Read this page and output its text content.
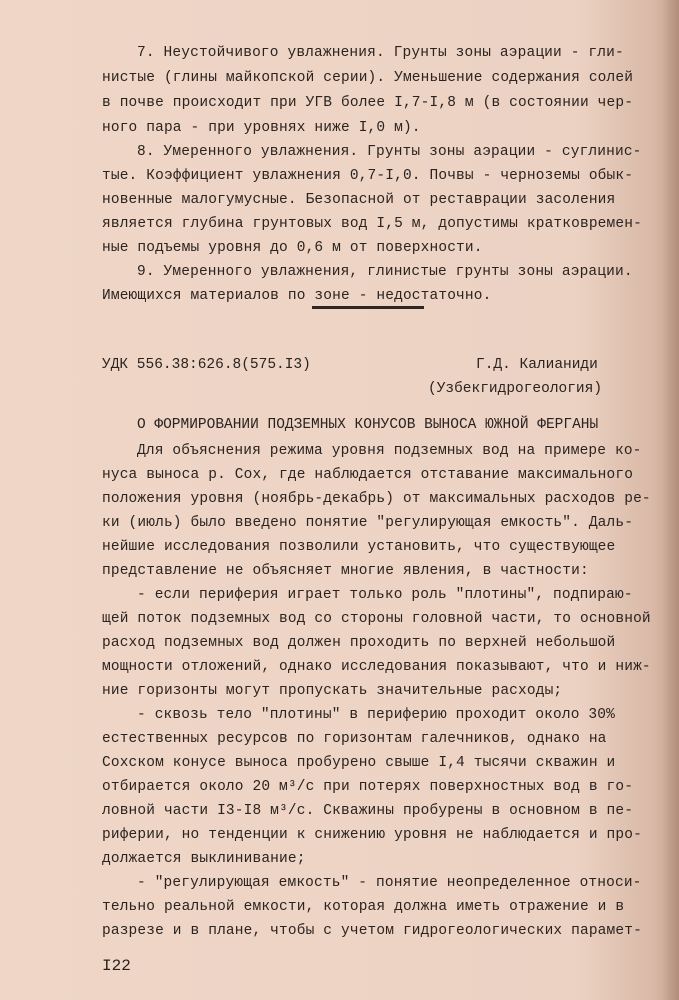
7. Неустойчивого увлажнения. Грунты зоны аэрации - гли-
нистые (глины майкопской серии). Уменьшение содержания солей
в почве происходит при УГВ более I,7-I,8 м (в состоянии чер-
ного пара - при уровнях ниже I,0 м).
8. Умеренного увлажнения. Грунты зоны аэрации - суглинис-
тые. Коэффициент увлажнения 0,7-I,0. Почвы - черноземы обык-
новенные малогумусные. Безопасной от реставрации засоления
является глубина грунтовых вод I,5 м, допустимы кратковремен-
ные подъемы уровня до 0,6 м от поверхности.
9. Умеренного увлажнения, глинистые грунты зоны аэрации.
Имеющихся материалов по зоне - недостаточно.
УДК 556.38:626.8(575.I3)	Г.Д. Калианиди
(Узбекгидрогеология)
О ФОРМИРОВАНИИ ПОДЗЕМНЫХ КОНУСОВ ВЫНОСА ЮЖНОЙ ФЕРГАНЫ
Для объяснения режима уровня подземных вод на примере ко-
нуса выноса р. Сох, где наблюдается отставание максимального
положения уровня (ноябрь-декабрь) от максимальных расходов ре-
ки (июль) было введено понятие "регулирующая емкость". Даль-
нейшие исследования позволили установить, что существующее
представление не объясняет многие явления, в частности:
- если периферия играет только роль "плотины", подпираю-
щей поток подземных вод со стороны головной части, то основной
расход подземных вод должен проходить по верхней небольшой
мощности отложений, однако исследования показывают, что и ниж-
ние горизонты могут пропускать значительные расходы;
- сквозь тело "плотины" в периферию проходит около 30%
естественных ресурсов по горизонтам галечников, однако на
Сохском конусе выноса пробурено свыше I,4 тысячи скважин и
отбирается около 20 м³/с при потерях поверхностных вод в го-
ловной части I3-I8 м³/с. Скважины пробурены в основном в пе-
риферии, но тенденции к снижению уровня не наблюдается и про-
должается выклинивание;
- "регулирующая емкость" - понятие неопределенное относи-
тельно реальной емкости, которая должна иметь отражение и в
разрезе и в плане, чтобы с учетом гидрогеологических парамет-
I22
